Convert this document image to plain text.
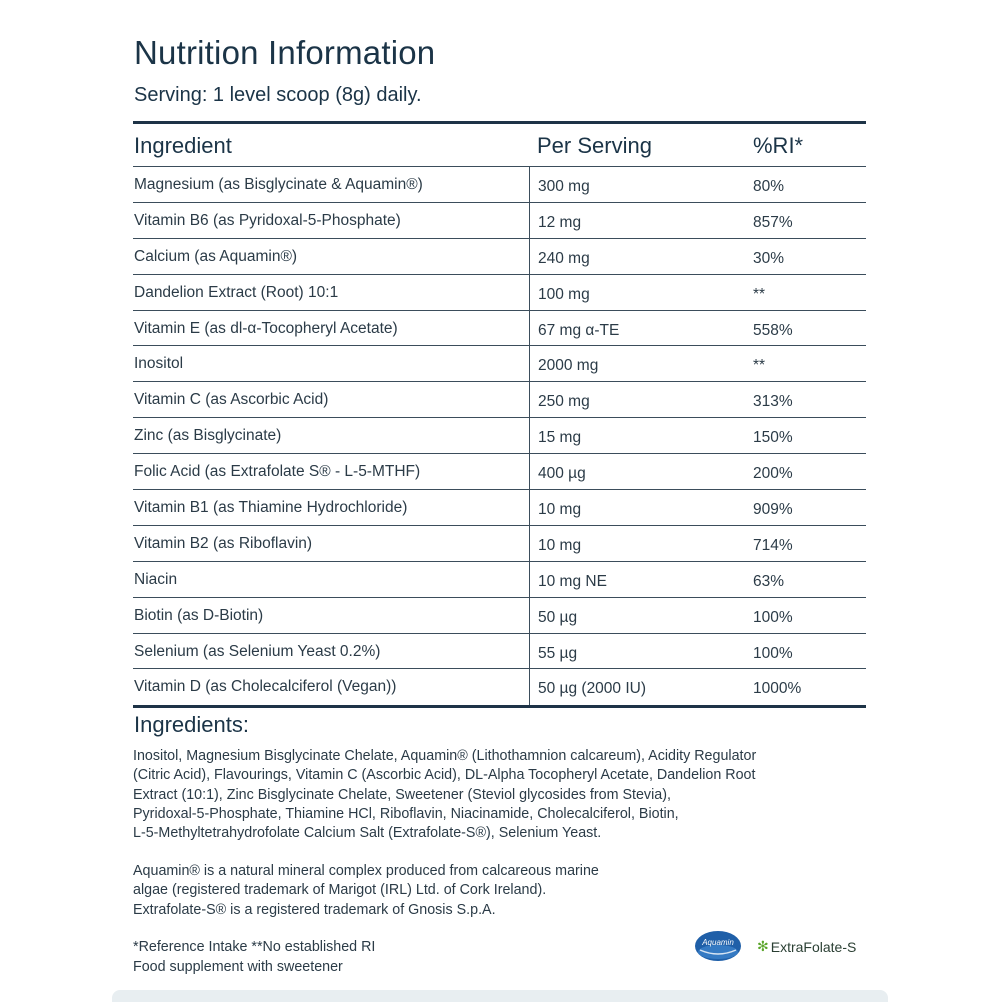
Nutrition Information
Serving: 1 level scoop (8g) daily.
Ingredient	Per Serving	%RI*
Magnesium (as Bisglycinate & Aquamin®)	300 mg	80%
Vitamin B6 (as Pyridoxal-5-Phosphate)	12 mg	857%
Calcium (as Aquamin®)	240 mg	30%
Dandelion Extract (Root) 10:1	100 mg	**
Vitamin E (as dl-α-Tocopheryl Acetate)	67 mg α-TE	558%
Inositol	2000 mg	**
Vitamin C (as Ascorbic Acid)	250 mg	313%
Zinc (as Bisglycinate)	15 mg	150%
Folic Acid (as Extrafolate S® - L-5-MTHF)	400 µg	200%
Vitamin B1 (as Thiamine Hydrochloride)	10 mg	909%
Vitamin B2 (as Riboflavin)	10 mg	714%
Niacin	10 mg NE	63%
Biotin (as D-Biotin)	50 µg	100%
Selenium (as Selenium Yeast 0.2%)	55 µg	100%
Vitamin D (as Cholecalciferol (Vegan))	50 µg (2000 IU)	1000%
Ingredients:
Inositol, Magnesium Bisglycinate Chelate, Aquamin® (Lithothamnion calcareum), Acidity Regulator
(Citric Acid), Flavourings, Vitamin C (Ascorbic Acid), DL-Alpha Tocopheryl Acetate, Dandelion Root
Extract (10:1), Zinc Bisglycinate Chelate, Sweetener (Steviol glycosides from Stevia),
Pyridoxal-5-Phosphate, Thiamine HCl, Riboflavin, Niacinamide, Cholecalciferol, Biotin,
L-5-Methyltetrahydrofolate Calcium Salt (Extrafolate-S®), Selenium Yeast.
Aquamin® is a natural mineral complex produced from calcareous marine
algae (registered trademark of Marigot (IRL) Ltd. of Cork Ireland).
Extrafolate-S® is a registered trademark of Gnosis S.p.A.
*Reference Intake **No established RI
Food supplement with sweetener
Aquamin ✻ ExtraFolate-S
